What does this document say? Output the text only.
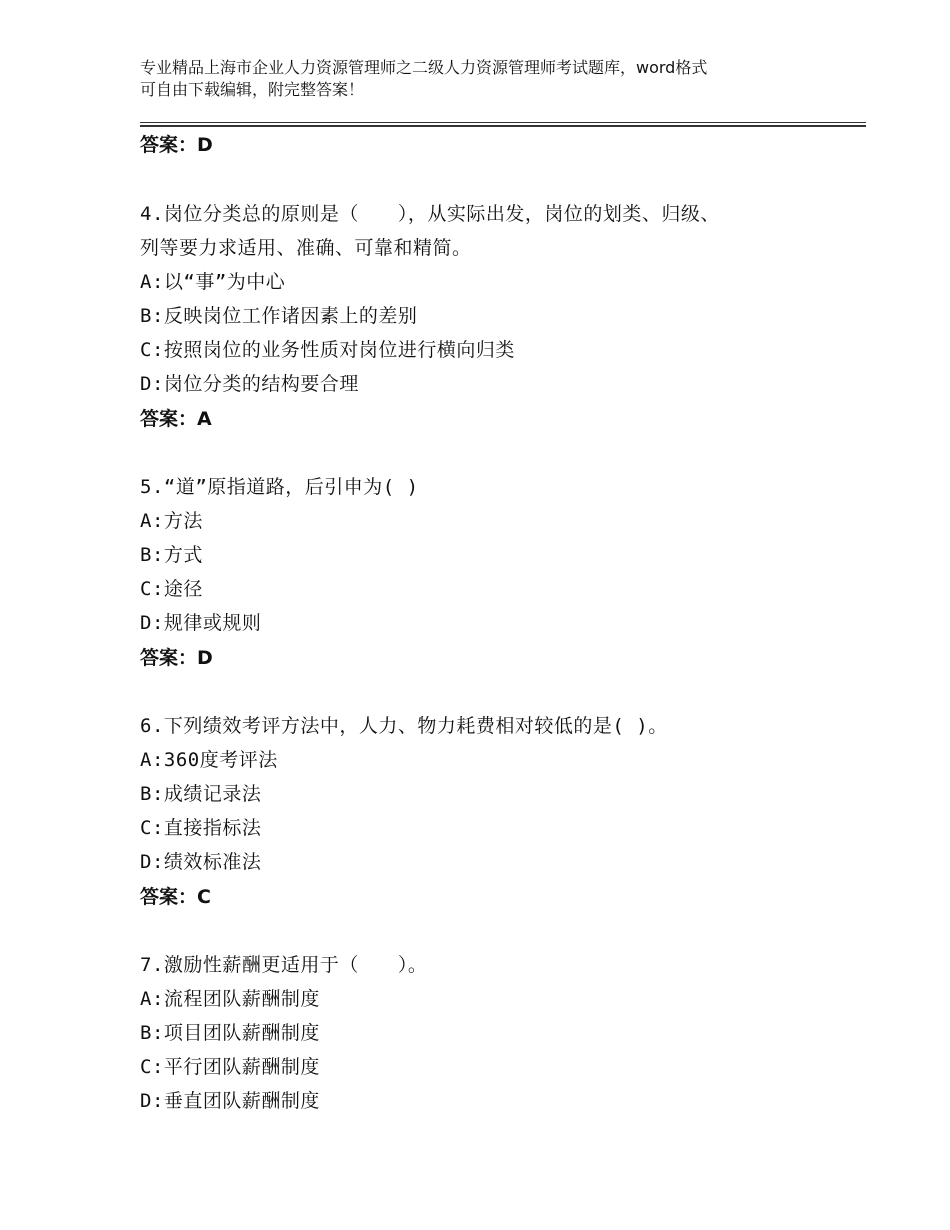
专业精品上海市企业人力资源管理师之二级人力资源管理师考试题库，word格式
可自由下载编辑，附完整答案！
答案：D
4.岗位分类总的原则是（　　），从实际出发，岗位的划类、归级、
列等要力求适用、准确、可靠和精简。
A:以“事”为中心
B:反映岗位工作诸因素上的差别
C:按照岗位的业务性质对岗位进行横向归类
D:岗位分类的结构要合理
答案：A
5.“道”原指道路，后引申为( )
A:方法
B:方式
C:途径
D:规律或规则
答案：D
6.下列绩效考评方法中，人力、物力耗费相对较低的是( )。
A:360度考评法
B:成绩记录法
C:直接指标法
D:绩效标准法
答案：C
7.激励性薪酬更适用于（　　）。
A:流程团队薪酬制度
B:项目团队薪酬制度
C:平行团队薪酬制度
D:垂直团队薪酬制度
